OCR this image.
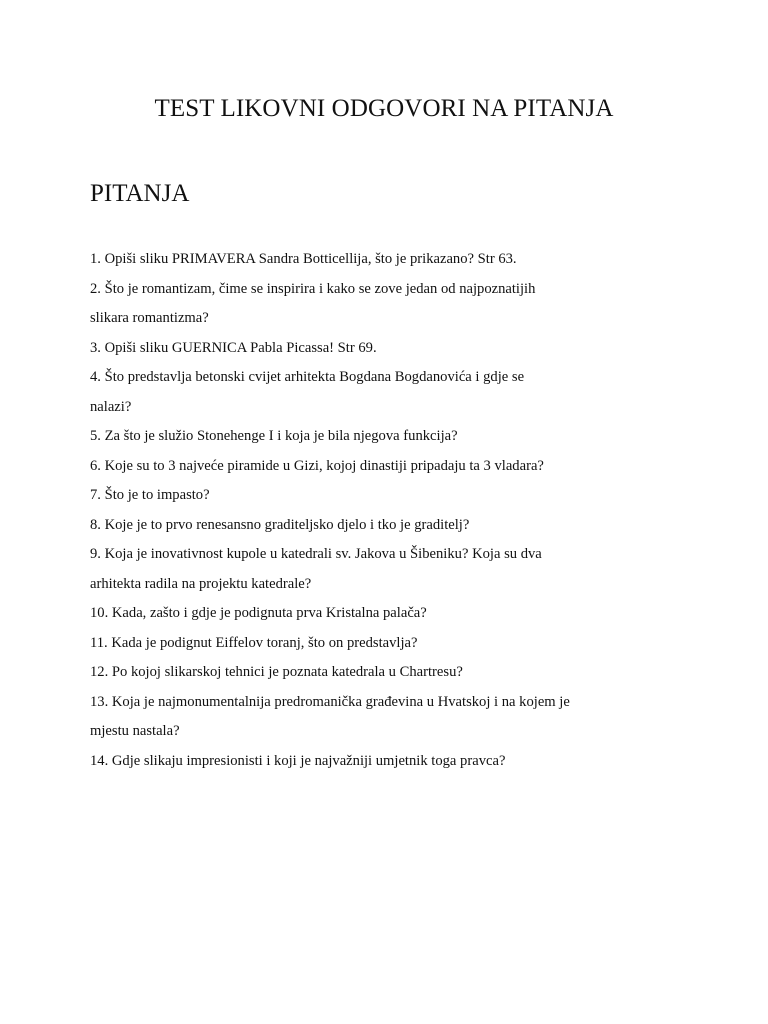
TEST LIKOVNI ODGOVORI NA PITANJA
PITANJA
1. Opiši sliku PRIMAVERA Sandra Botticellija, što je prikazano? Str 63.
2. Što je romantizam, čime se inspirira i kako se zove jedan od najpoznatijih
slikara romantizma?
3. Opiši sliku GUERNICA Pabla Picassa! Str 69.
4. Što predstavlja betonski cvijet arhitekta Bogdana Bogdanovića i gdje se
nalazi?
5. Za što je služio Stonehenge I i koja je bila njegova funkcija?
6. Koje su to 3 najveće piramide u Gizi, kojoj dinastiji pripadaju ta 3 vladara?
7. Što je to impasto?
8. Koje je to prvo renesansno graditeljsko djelo i tko je graditelj?
9. Koja je inovativnost kupole u katedrali sv. Jakova u Šibeniku? Koja su dva
arhitekta radila na projektu katedrale?
10. Kada, zašto i gdje je podignuta prva Kristalna palača?
11. Kada je podignut Eiffelov toranj, što on predstavlja?
12. Po kojoj slikarskoj tehnici je poznata katedrala u Chartresu?
13. Koja je najmonumentalnija predromanička građevina u Hvatskoj i na kojem je
mjestu nastala?
14. Gdje slikaju impresionisti i koji je najvažniji umjetnik toga pravca?
